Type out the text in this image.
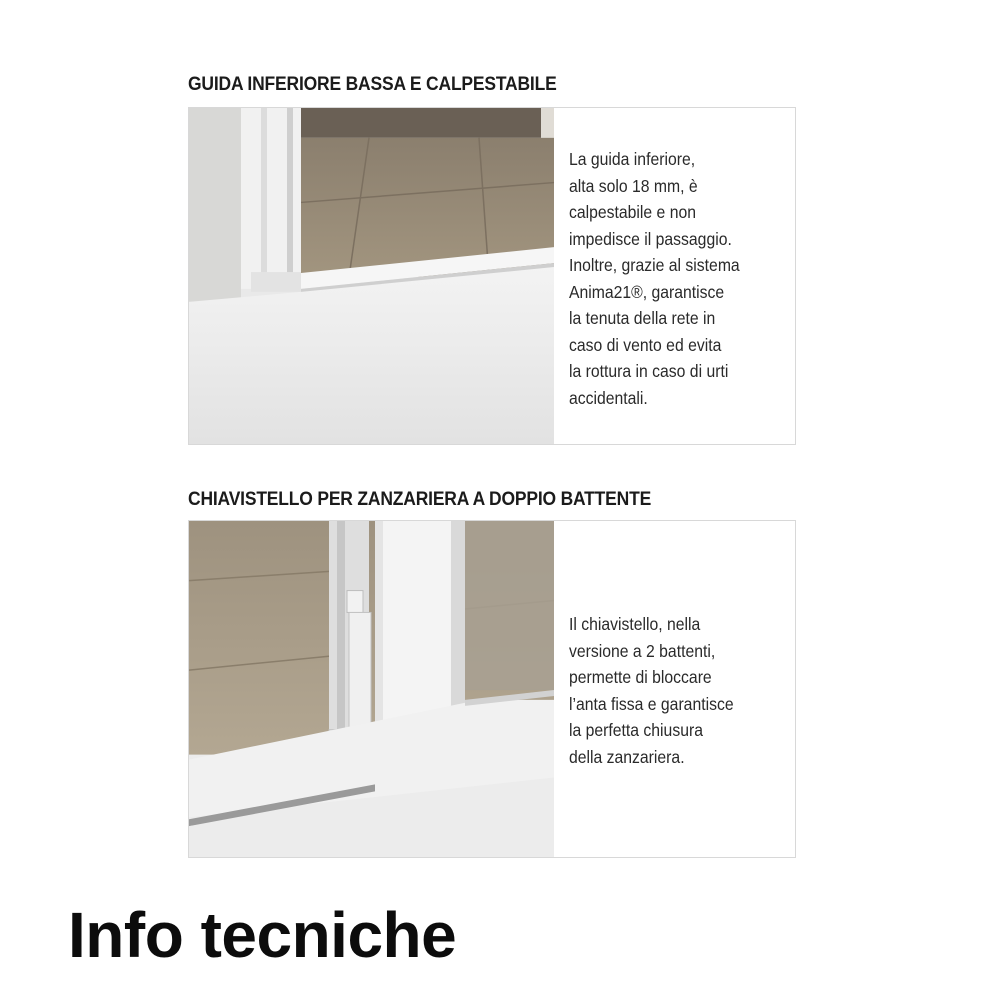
GUIDA INFERIORE BASSA E CALPESTABILE

La guida inferiore,
alta solo 18 mm, è
calpestabile e non
impedisce il passaggio.
Inoltre, grazie al sistema
Anima21®, garantisce
la tenuta della rete in
caso di vento ed evita
la rottura in caso di urti
accidentali.

CHIAVISTELLO PER ZANZARIERA A DOPPIO BATTENTE

Il chiavistello, nella
versione a 2 battenti,
permette di bloccare
l’anta fissa e garantisce
la perfetta chiusura
della zanzariera.

Info tecniche
